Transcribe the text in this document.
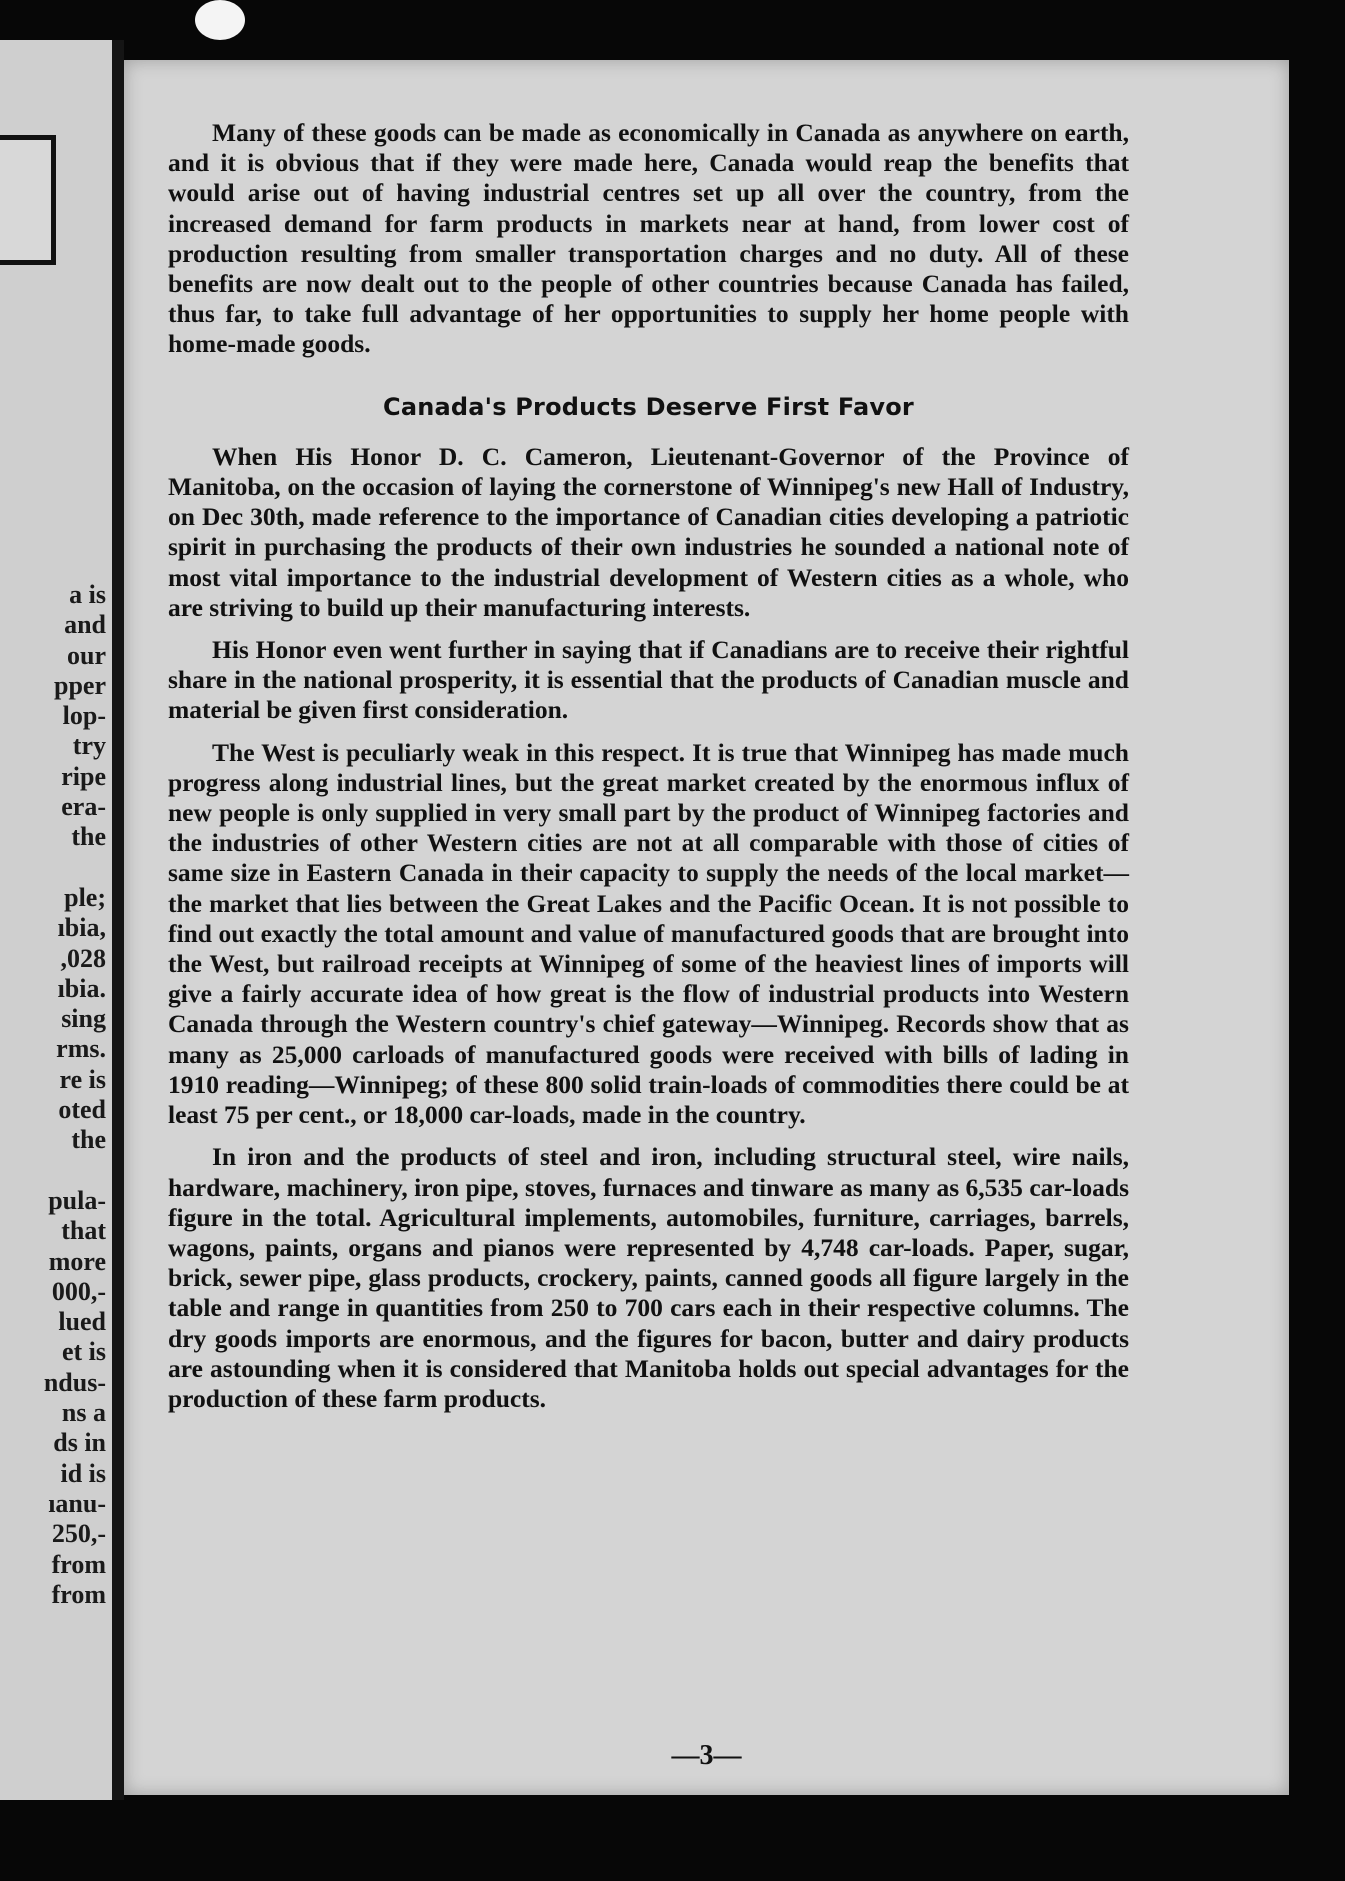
a is
and
our
pper
lop-
try
ripe
era-
the
ple;
ıbia,
,028
ıbia.
sing
rms.
re is
oted
the
pula-
that
more
000,-
lued
et is
ndus-
ns a
ds in
id is
ıanu-
250,-
from
from

Many of these goods can be made as economically in Canada as anywhere on earth, and it is obvious that if they were made here, Canada would reap the benefits that would arise out of having industrial centres set up all over the country, from the increased demand for farm products in markets near at hand, from lower cost of production resulting from smaller transportation charges and no duty. All of these benefits are now dealt out to the people of other countries because Canada has failed, thus far, to take full advantage of her opportunities to supply her home people with home-made goods.

Canada's Products Deserve First Favor

When His Honor D. C. Cameron, Lieutenant-Governor of the Province of Manitoba, on the occasion of laying the cornerstone of Winnipeg's new Hall of Industry, on Dec 30th, made reference to the importance of Canadian cities developing a patriotic spirit in purchasing the products of their own industries he sounded a national note of most vital importance to the industrial development of Western cities as a whole, who are striving to build up their manufacturing interests.

His Honor even went further in saying that if Canadians are to receive their rightful share in the national prosperity, it is essential that the products of Canadian muscle and material be given first consideration.

The West is peculiarly weak in this respect. It is true that Winnipeg has made much progress along industrial lines, but the great market created by the enormous influx of new people is only supplied in very small part by the product of Winnipeg factories and the industries of other Western cities are not at all comparable with those of cities of same size in Eastern Canada in their capacity to supply the needs of the local market—the market that lies between the Great Lakes and the Pacific Ocean. It is not possible to find out exactly the total amount and value of manufactured goods that are brought into the West, but railroad receipts at Winnipeg of some of the heaviest lines of imports will give a fairly accurate idea of how great is the flow of industrial products into Western Canada through the Western country's chief gateway—Winnipeg. Records show that as many as 25,000 carloads of manufactured goods were received with bills of lading in 1910 reading—Winnipeg; of these 800 solid train-loads of commodities there could be at least 75 per cent., or 18,000 car-loads, made in the country.

In iron and the products of steel and iron, including structural steel, wire nails, hardware, machinery, iron pipe, stoves, furnaces and tinware as many as 6,535 car-loads figure in the total. Agricultural implements, automobiles, furniture, carriages, barrels, wagons, paints, organs and pianos were represented by 4,748 car-loads. Paper, sugar, brick, sewer pipe, glass products, crockery, paints, canned goods all figure largely in the table and range in quantities from 250 to 700 cars each in their respective columns. The dry goods imports are enormous, and the figures for bacon, butter and dairy products are astounding when it is considered that Manitoba holds out special advantages for the production of these farm products.

—3—
